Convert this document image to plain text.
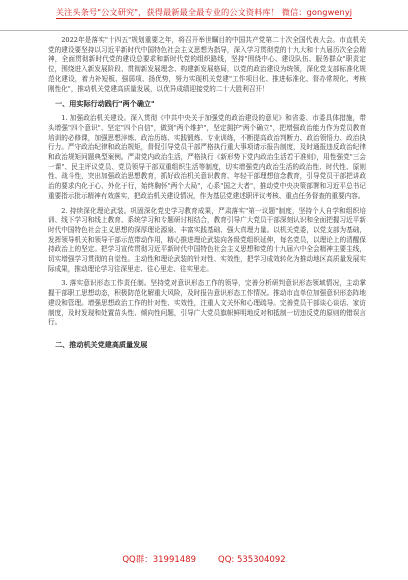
关注头条号"公文研究"，获得最新最全最专业的公文资料库！ 微信：gongwenyj

2022年是落实"十四五"规划重要之年，将召开举世瞩目的中国共产党第二十次全国代表大会。市直机关党的建设要坚持以习近平新时代中国特色社会主义思想为指导，深入学习贯彻党的十九大和十九届历次全会精神，全面贯彻新时代党的建设总要求和新时代党的组织路线，坚持"围绕中心、建设队伍、服务群众"职责定位，围绕进入新发展阶段、贯彻新发展理念、构建新发展格局，以党的政治建设为统领，深化党支部标准化规范化建设，着力补短板、强弱项、扬优势，努力实现机关党建"工作项目化、推进标准化、督办常规化、考核刚性化"，推动机关党建高质量发展，以优异成绩迎接党的二十大胜利召开！

一、用实际行动践行"两个确立"

1. 加强政治机关建设。深入贯彻《中共中央关于加强党的政治建设的意见》和省委、市委具体措施，带头增强"四个意识"、坚定"四个自信"，做到"两个维护"，坚定拥护"两个确立"，把增强政治能力作为党员教育培训的必修课，加强思想淬炼、政治历练、实践锻炼、专业训练，不断提高政治判断力、政治领悟力、政治执行力。严守政治纪律和政治规矩，督促引导党员干部严格执行重大事项请示报告制度，及时通报违反政治纪律和政治规矩问题典型案例。严肃党内政治生活，严格执行《新形势下党内政治生活若干准则》，用性强党"三会一课"、民主评议党员、党员领导干部双重组织生活等制度，切实增强党内政治生活的政治性、时代性、原则性、战斗性，突出加强政治思想教育，抓好政治机关意识教育、年轻干部理想信念教育，引导党员干部把讲政治的要求内化于心、外化于行，始终胸怀"两个大局"，心系"国之大者"，推动党中央决策部署和习近平总书记重要指示批示精神有效落实，把政治机关建设情况，作为基层党建述职评议考核、重点任务督查的重要内容。

2. 持续深化理论武装。巩固深化党史学习教育成果，严肃落实"第一议题"制度，坚持个人自学和组织培训、线下学习和线上教育、系统学习和专题研讨相结合，教育引导广大党员干部深刻认识和全面把握习近平新时代中国特色社会主义思想的深厚理论源泉、丰富实践基础、强大真理力量。以机关党委，以党支部为基础，发挥领导机关和领导干部示范带动作用，精心推进理论武装向各级党组织延伸，每名党员，以理论上的清醒保持政治上的坚定。把学习宣传贯彻习近平新时代中国特色社会主义思想和党的十九届六中全会精神主要主线，切实增强学习贯彻的自觉性。主动性和理论武装的针对性、实效性，把学习成效转化为推动地区高质量发展实际成果，推动理论学习往深里走、往心里走、往实里走。

3. 落实意识形态工作责任制。坚持党对意识形态工作的领导，完善分析研判意识形态领域情况，主动掌握干部职工思想动态，积极防范化解重大风险，及时报告意识形态工作情况。推动市直单位加强意识形态阵地建设和管理。增强思想政治工作的针对性、实效性，注重人文关怀和心理疏导。完善党员干部谈心谈话、家访制度，及时发现和处置苗头性、倾向性问题，引导广大党员旗帜鲜明地反对和抵制一切违反党的原则的错误言行。

二、推动机关党建高质量发展
QQ群：31991489	QQ: 535304092
